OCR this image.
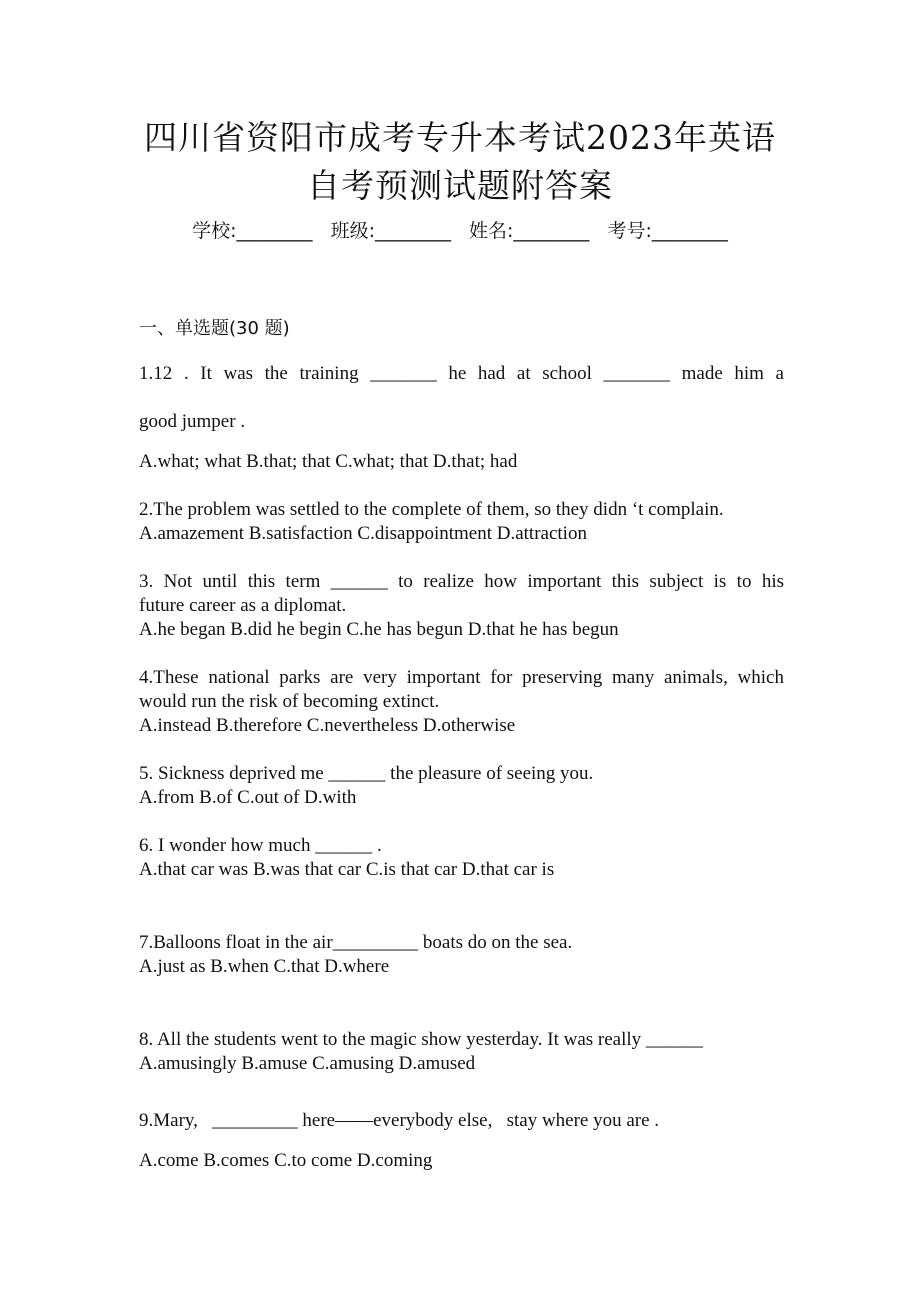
四川省资阳市成考专升本考试2023年英语
自考预测试题附答案
学校:________ 班级:________ 姓名:________ 考号:________
一、单选题(30 题)
1.12 . It was the training _______ he had at school _______ made him a
good jumper .
A.what; what B.that; that C.what; that D.that; had
2.The problem was settled to the complete of them, so they didn ‘t complain.
A.amazement B.satisfaction C.disappointment D.attraction
3. Not until this term ______ to realize how important this subject is to his
future career as a diplomat.
A.he began B.did he begin C.he has begun D.that he has begun
4.These national parks are very important for preserving many animals, which
would run the risk of becoming extinct.
A.instead B.therefore C.nevertheless D.otherwise
5. Sickness deprived me ______ the pleasure of seeing you.
A.from B.of C.out of D.with
6. I wonder how much ______ .
A.that car was B.was that car C.is that car D.that car is
7.Balloons float in the air_________ boats do on the sea.
A.just as B.when C.that D.where
8. All the students went to the magic show yesterday. It was really ______
A.amusingly B.amuse C.amusing D.amused
9.Mary,   _________ here——everybody else,   stay where you are .
A.come B.comes C.to come D.coming
